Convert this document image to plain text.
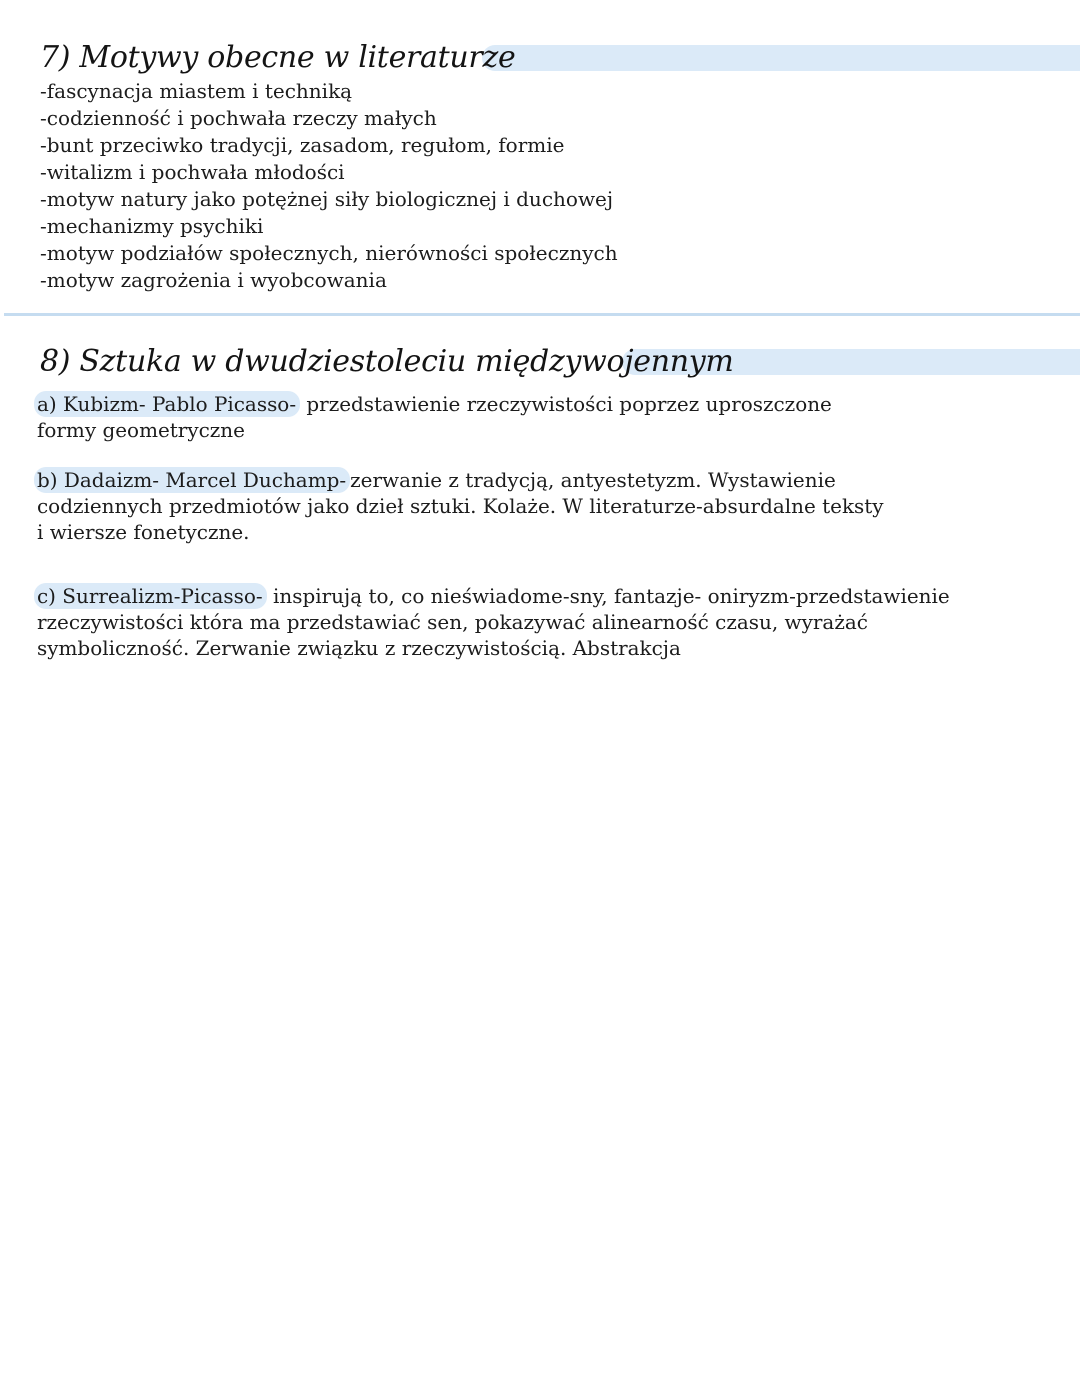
7) Motywy obecne w literaturze
-fascynacja miastem i techniką
-codzienność i pochwała rzeczy małych
-bunt przeciwko tradycji, zasadom, regułom, formie
-witalizm i pochwała młodości
-motyw natury jako potężnej siły biologicznej i duchowej
-mechanizmy psychiki
-motyw podziałów społecznych, nierówności społecznych
-motyw zagrożenia i wyobcowania
8) Sztuka w dwudziestoleciu międzywojennym

a) Kubizm- Pablo Picasso- przedstawienie rzeczywistości poprzez uproszczone
formy geometryczne

b) Dadaizm- Marcel Duchamp- zerwanie z tradycją, antyestetyzm. Wystawienie
codziennych przedmiotów jako dzieł sztuki. Kolaże. W literaturze-absurdalne teksty
i wiersze fonetyczne.

c) Surrealizm-Picasso- inspirują to, co nieświadome-sny, fantazje- oniryzm-przedstawienie
rzeczywistości która ma przedstawiać sen, pokazywać alinearność czasu, wyrażać
symboliczność. Zerwanie związku z rzeczywistością. Abstrakcja
